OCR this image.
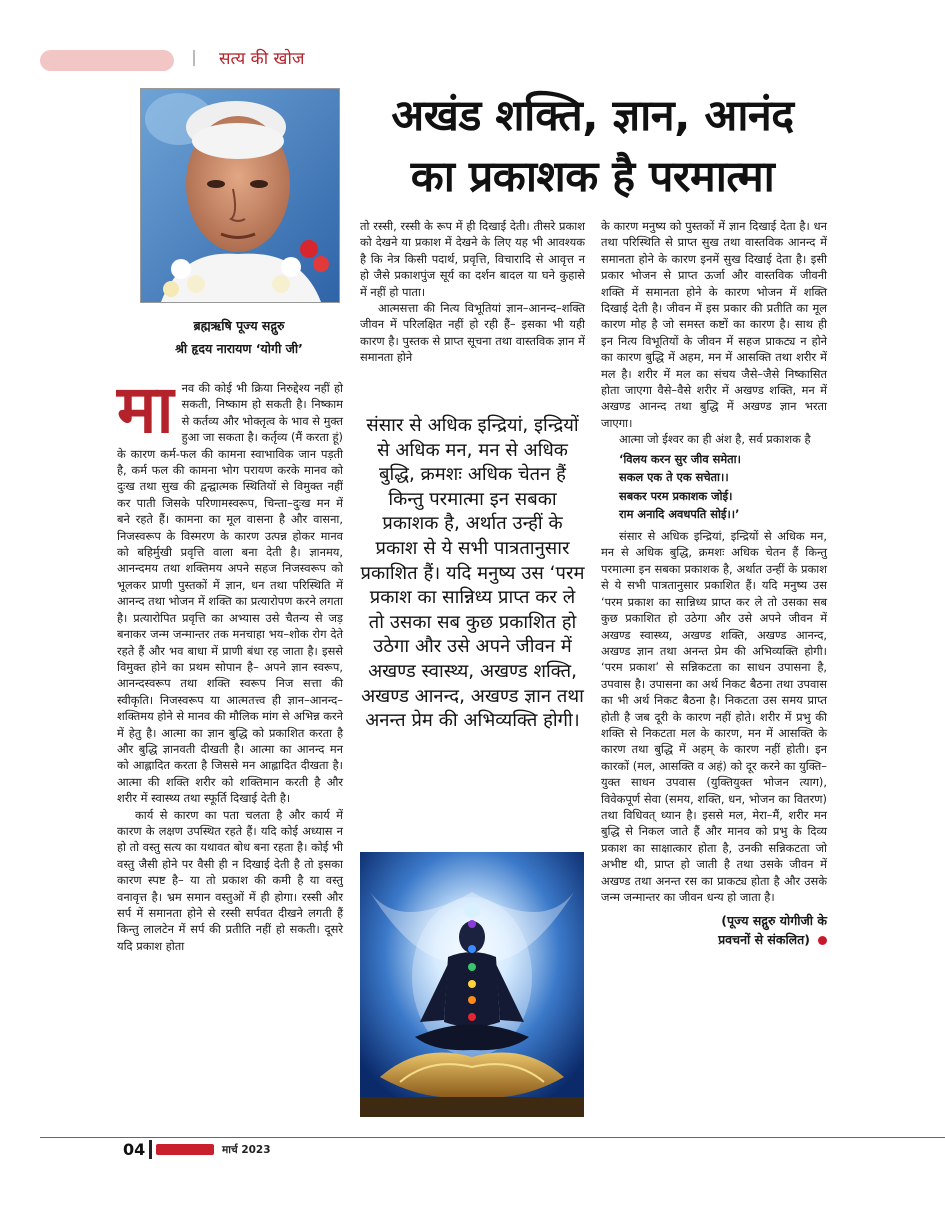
सत्य की खोज
ब्रह्मऋषि पूज्य सद्गुरु
श्री हृदय नारायण ‘योगी जी’
अखंड शक्ति, ज्ञान, आनंद
का प्रकाशक है परमात्मा

मानव की कोई भी क्रिया निरुद्देश्य नहीं हो सकती, निष्काम हो सकती है। निष्काम से कर्तव्य और भोक्तृत्व के भाव से मुक्त हुआ जा सकता है। कर्तृव्य (मैं करता हूं) के कारण कर्म-फल की कामना स्वाभाविक जान पड़ती है, कर्म फल की कामना भोग परायण करके मानव को दुःख तथा सुख की द्वन्द्वात्मक स्थितियों से विमुक्त नहीं कर पाती जिसके परिणामस्वरूप, चिन्ता–दुःख मन में बने रहते हैं। कामना का मूल वासना है और वासना, निजस्वरूप के विस्मरण के कारण उत्पन्न होकर मानव को बहिर्मुखी प्रवृत्ति वाला बना देती है। ज्ञानमय, आनन्दमय तथा शक्तिमय अपने सहज निजस्वरूप को भूलकर प्राणी पुस्तकों में ज्ञान, धन तथा परिस्थिति में आनन्द तथा भोजन में शक्ति का प्रत्यारोपण करने लगता है। प्रत्यारोपित प्रवृत्ति का अभ्यास उसे चैतन्य से जड़ बनाकर जन्म जन्मान्तर तक मनचाहा भय–शोक रोग देते रहते हैं और भव बाधा में प्राणी बंधा रह जाता है। इससे विमुक्त होने का प्रथम सोपान है– अपने ज्ञान स्वरूप, आनन्दस्वरूप तथा शक्ति स्वरूप निज सत्ता की स्वीकृति। निजस्वरूप या आत्मतत्त्व ही ज्ञान–आनन्द–शक्तिमय होने से मानव की मौलिक मांग से अभिन्न करने में हेतु है। आत्मा का ज्ञान बुद्धि को प्रकाशित करता है और बुद्धि ज्ञानवती दीखती है। आत्मा का आनन्द मन को आह्लादित करता है जिससे मन आह्लादित दीखता है। आत्मा की शक्ति शरीर को शक्तिमान करती है और शरीर में स्वास्थ्य तथा स्फूर्ति दिखाई देती है।

कार्य से कारण का पता चलता है और कार्य में कारण के लक्षण उपस्थित रहते हैं। यदि कोई अध्यास न हो तो वस्तु सत्य का यथावत बोध बना रहता है। कोई भी वस्तु जैसी होने पर वैसी ही न दिखाई देती है तो इसका कारण स्पष्ट है– या तो प्रकाश की कमी है या वस्तु वनावृत्त है। भ्रम समान वस्तुओं में ही होगा। रस्सी और सर्प में समानता होने से रस्सी सर्पवत दीखने लगती हैं किन्तु लालटेन में सर्प की प्रतीति नहीं हो सकती। दूसरे यदि प्रकाश होता

तो रस्सी, रस्सी के रूप में ही दिखाई देती। तीसरे प्रकाश को देखने या प्रकाश में देखने के लिए यह भी आवश्यक है कि नेत्र किसी पदार्थ, प्रवृत्ति, विचारादि से आवृत्त न हो जैसे प्रकाशपुंज सूर्य का दर्शन बादल या घने कुहासे में नहीं हो पाता।

आत्मसत्ता की नित्य विभूतियां ज्ञान–आनन्द–शक्ति जीवन में परिलक्षित नहीं हो रही हैं– इसका भी यही कारण है। पुस्तक से प्राप्त सूचना तथा वास्तविक ज्ञान में समानता होने

संसार से अधिक इन्द्रियां, इन्द्रियों से अधिक मन, मन से अधिक बुद्धि, क्रमशः अधिक चेतन हैं किन्तु परमात्मा इन सबका प्रकाशक है, अर्थात उन्हीं के प्रकाश से ये सभी पात्रतानुसार प्रकाशित हैं। यदि मनुष्य उस ‘परम प्रकाश का सान्निध्य प्राप्त कर ले तो उसका सब कुछ प्रकाशित हो उठेगा और उसे अपने जीवन में अखण्ड स्वास्थ्य, अखण्ड शक्ति, अखण्ड आनन्द, अखण्ड ज्ञान तथा अनन्त प्रेम की अभिव्यक्ति होगी।

के कारण मनुष्य को पुस्तकों में ज्ञान दिखाई देता है। धन तथा परिस्थिति से प्राप्त सुख तथा वास्तविक आनन्द में समानता होने के कारण इनमें सुख दिखाई देता है। इसी प्रकार भोजन से प्राप्त ऊर्जा और वास्तविक जीवनी शक्ति में समानता होने के कारण भोजन में शक्ति दिखाई देती है। जीवन में इस प्रकार की प्रतीति का मूल कारण मोह है जो समस्त कष्टों का कारण है। साथ ही इन नित्य विभूतियों के जीवन में सहज प्राकट्य न होने का कारण बुद्धि में अहम, मन में आसक्ति तथा शरीर में मल है। शरीर में मल का संचय जैसे–जैसे निष्कासित होता जाएगा वैसे–वैसे शरीर में अखण्ड शक्ति, मन में अखण्ड आनन्द तथा बुद्धि में अखण्ड ज्ञान भरता जाएगा।

आत्मा जो ईश्वर का ही अंश है, सर्व प्रकाशक है

‘विलय करन सुर जीव समेता।
सकल एक ते एक सचेता।।
सबकर परम प्रकाशक जोई।
राम अनादि अवधपति सोई।।’

संसार से अधिक इन्द्रियां, इन्द्रियों से अधिक मन, मन से अधिक बुद्धि, क्रमशः अधिक चेतन हैं किन्तु परमात्मा इन सबका प्रकाशक है, अर्थात उन्हीं के प्रकाश से ये सभी पात्रतानुसार प्रकाशित हैं। यदि मनुष्य उस ‘परम प्रकाश का सान्निध्य प्राप्त कर ले तो उसका सब कुछ प्रकाशित हो उठेगा और उसे अपने जीवन में अखण्ड स्वास्थ्य, अखण्ड शक्ति, अखण्ड आनन्द, अखण्ड ज्ञान तथा अनन्त प्रेम की अभिव्यक्ति होगी। ‘परम प्रकाश’ से सन्निकटता का साधन उपासना है, उपवास है। उपासना का अर्थ निकट बैठना तथा उपवास का भी अर्थ निकट बैठना है। निकटता उस समय प्राप्त होती है जब दूरी के कारण नहीं होते। शरीर में प्रभु की शक्ति से निकटता मल के कारण, मन में आसक्ति के कारण तथा बुद्धि में अहम् के कारण नहीं होती। इन कारकों (मल, आसक्ति व अहं) को दूर करने का युक्ति–युक्त साधन उपवास (युक्तियुक्त भोजन त्याग), विवेकपूर्ण सेवा (समय, शक्ति, धन, भोजन का वितरण) तथा विधिवत् ध्यान है। इससे मल, मेरा–मैं, शरीर मन बुद्धि से निकल जाते हैं और मानव को प्रभु के दिव्य प्रकाश का साक्षात्कार होता है, उनकी सन्निकटता जो अभीष्ट थी, प्राप्त हो जाती है तथा उसके जीवन में अखण्ड तथा अनन्त रस का प्राकट्य होता है और उसके जन्म जन्मान्तर का जीवन धन्य हो जाता है।

(पूज्य सद्गुरु योगीजी के
प्रवचनों से संकलित)
04	मार्च 2023
